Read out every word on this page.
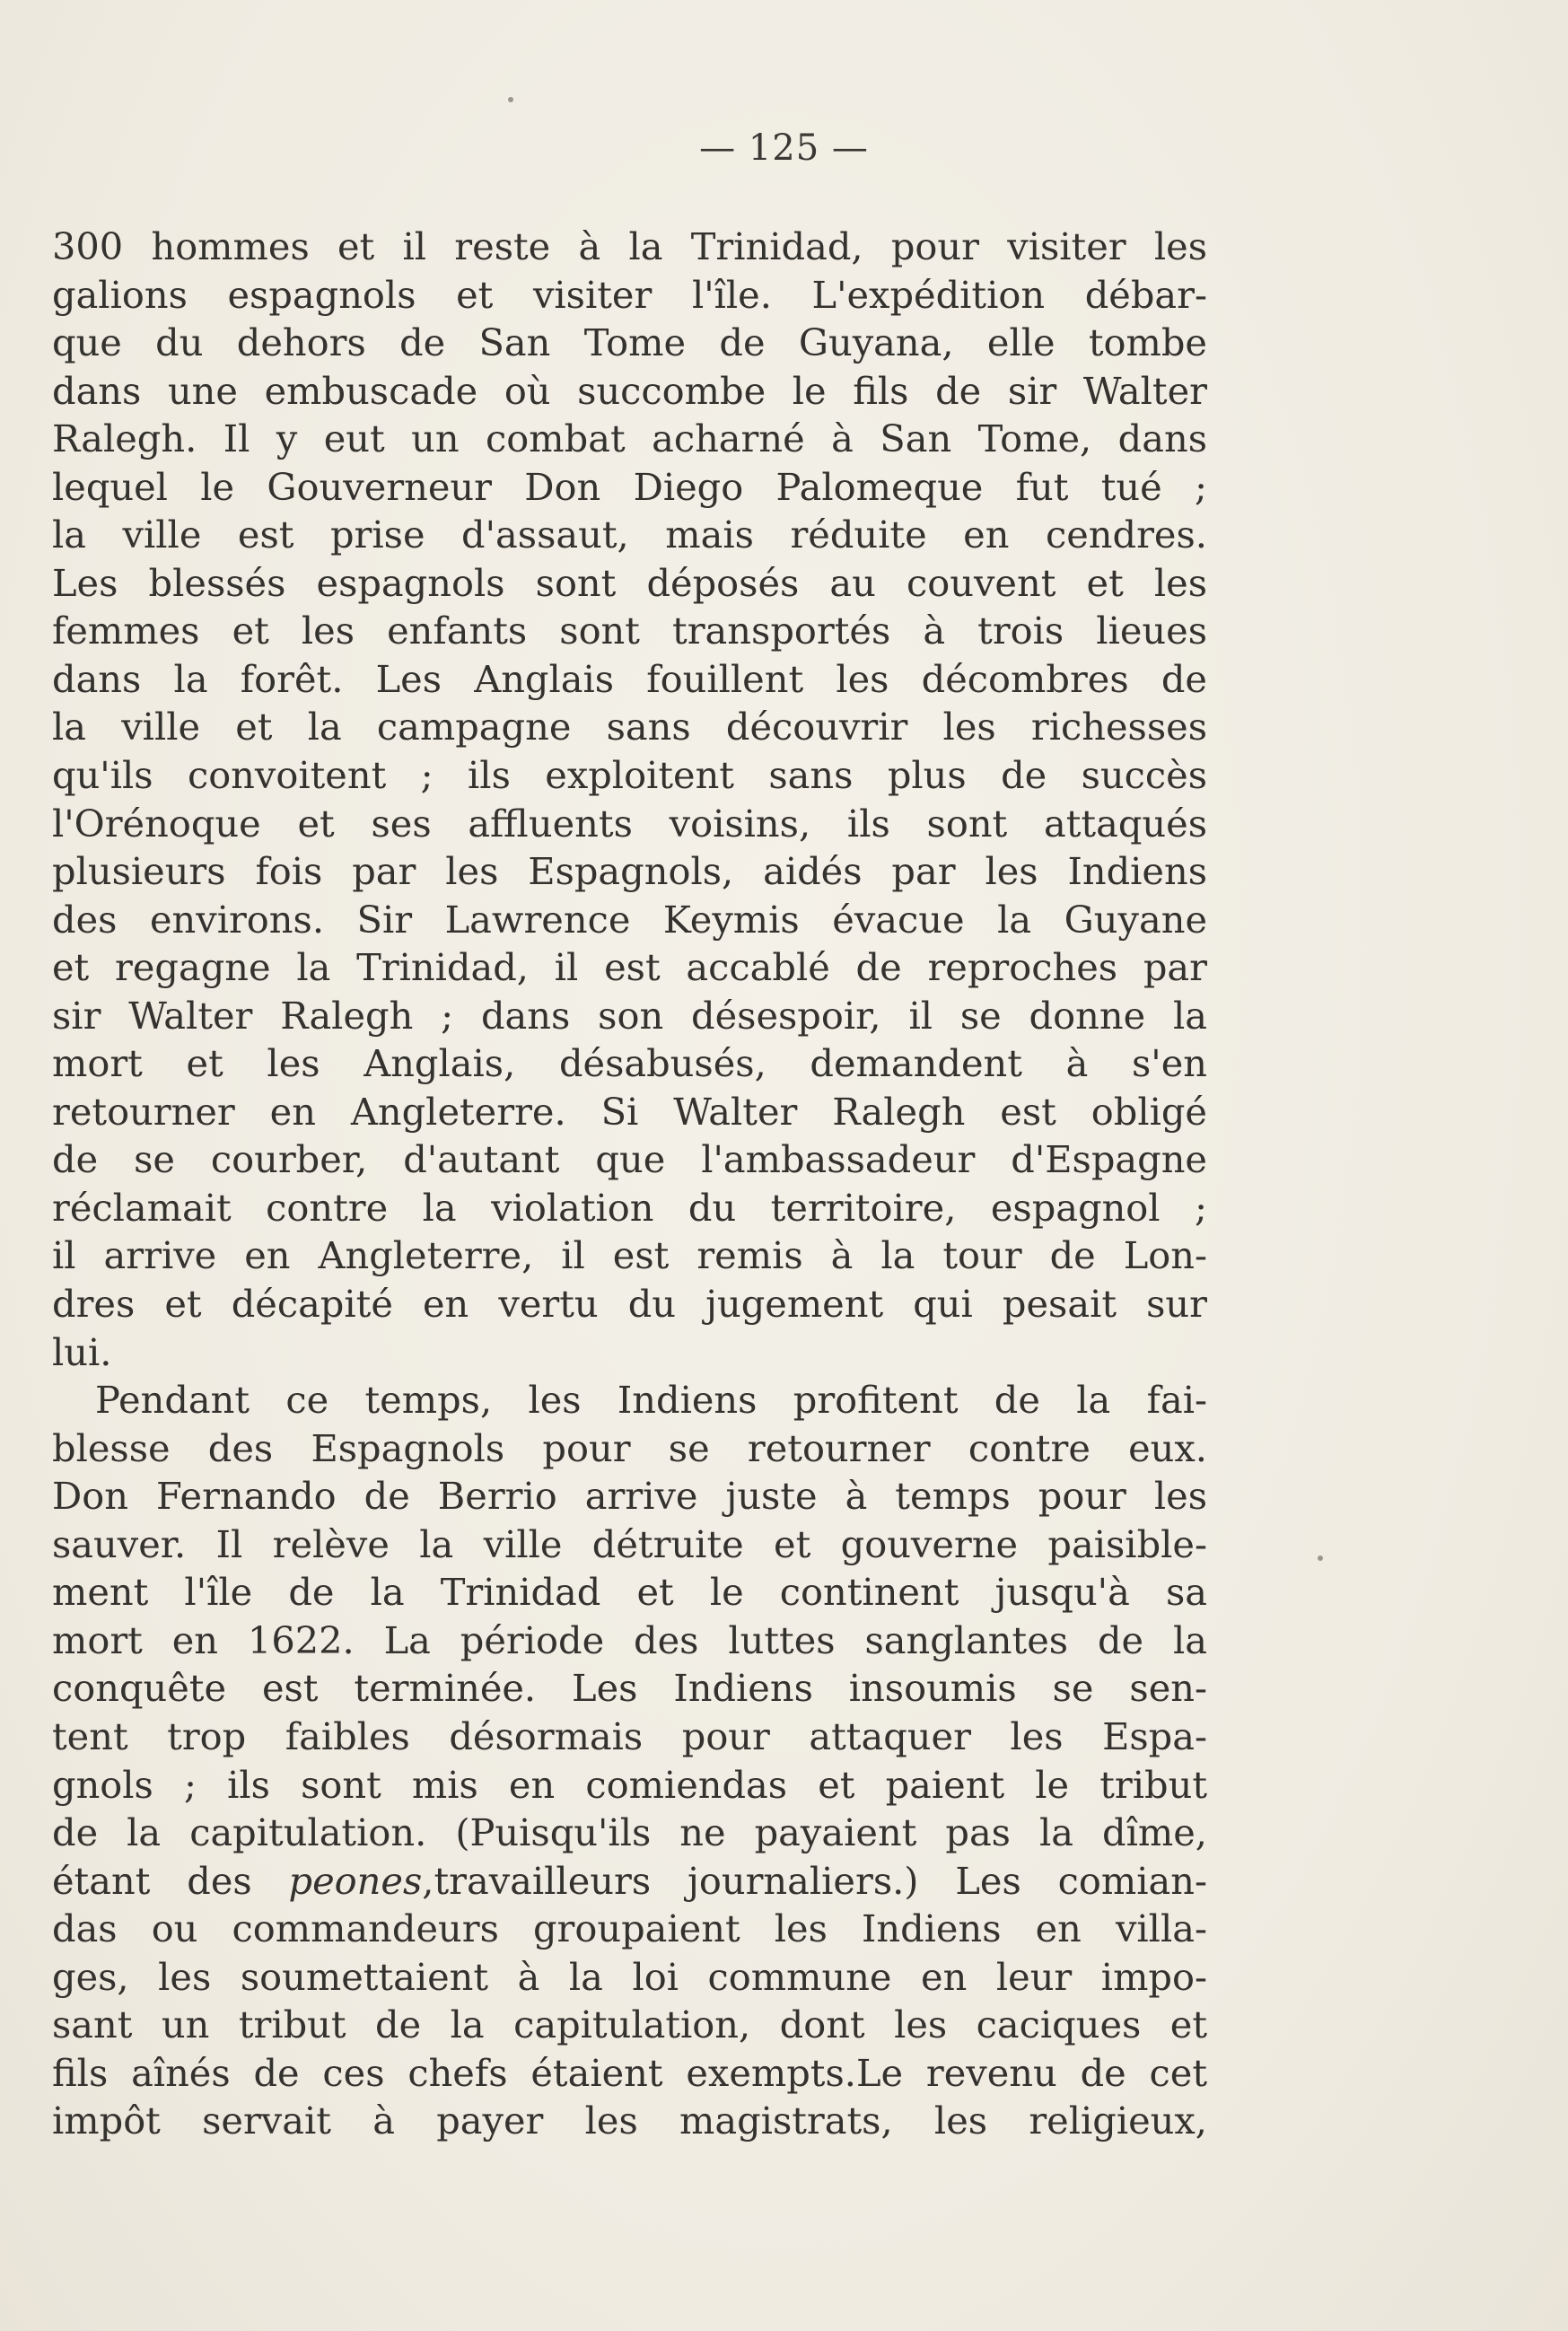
— 125 —
300 hommes et il reste à la Trinidad, pour visiter les
galions espagnols et visiter l'île. L'expédition débar-
que du dehors de San Tome de Guyana, elle tombe
dans une embuscade où succombe le fils de sir Walter
Ralegh. Il y eut un combat acharné à San Tome, dans
lequel le Gouverneur Don Diego Palomeque fut tué ;
la ville est prise d'assaut, mais réduite en cendres.
Les blessés espagnols sont déposés au couvent et les
femmes et les enfants sont transportés à trois lieues
dans la forêt. Les Anglais fouillent les décombres de
la ville et la campagne sans découvrir les richesses
qu'ils convoitent ; ils exploitent sans plus de succès
l'Orénoque et ses affluents voisins, ils sont attaqués
plusieurs fois par les Espagnols, aidés par les Indiens
des environs. Sir Lawrence Keymis évacue la Guyane
et regagne la Trinidad, il est accablé de reproches par
sir Walter Ralegh ; dans son désespoir, il se donne la
mort et les Anglais, désabusés, demandent à s'en
retourner en Angleterre. Si Walter Ralegh est obligé
de se courber, d'autant que l'ambassadeur d'Espagne
réclamait contre la violation du territoire, espagnol ;
il arrive en Angleterre, il est remis à la tour de Lon-
dres et décapité en vertu du jugement qui pesait sur
lui.
Pendant ce temps, les Indiens profitent de la fai-
blesse des Espagnols pour se retourner contre eux.
Don Fernando de Berrio arrive juste à temps pour les
sauver. Il relève la ville détruite et gouverne paisible-
ment l'île de la Trinidad et le continent jusqu'à sa
mort en 1622. La période des luttes sanglantes de la
conquête est terminée. Les Indiens insoumis se sen-
tent trop faibles désormais pour attaquer les Espa-
gnols ; ils sont mis en comiendas et paient le tribut
de la capitulation. (Puisqu'ils ne payaient pas la dîme,
étant des peones,travailleurs journaliers.) Les comian-
das ou commandeurs groupaient les Indiens en villa-
ges, les soumettaient à la loi commune en leur impo-
sant un tribut de la capitulation, dont les caciques et
fils aînés de ces chefs étaient exempts.Le revenu de cet
impôt servait à payer les magistrats, les religieux,
